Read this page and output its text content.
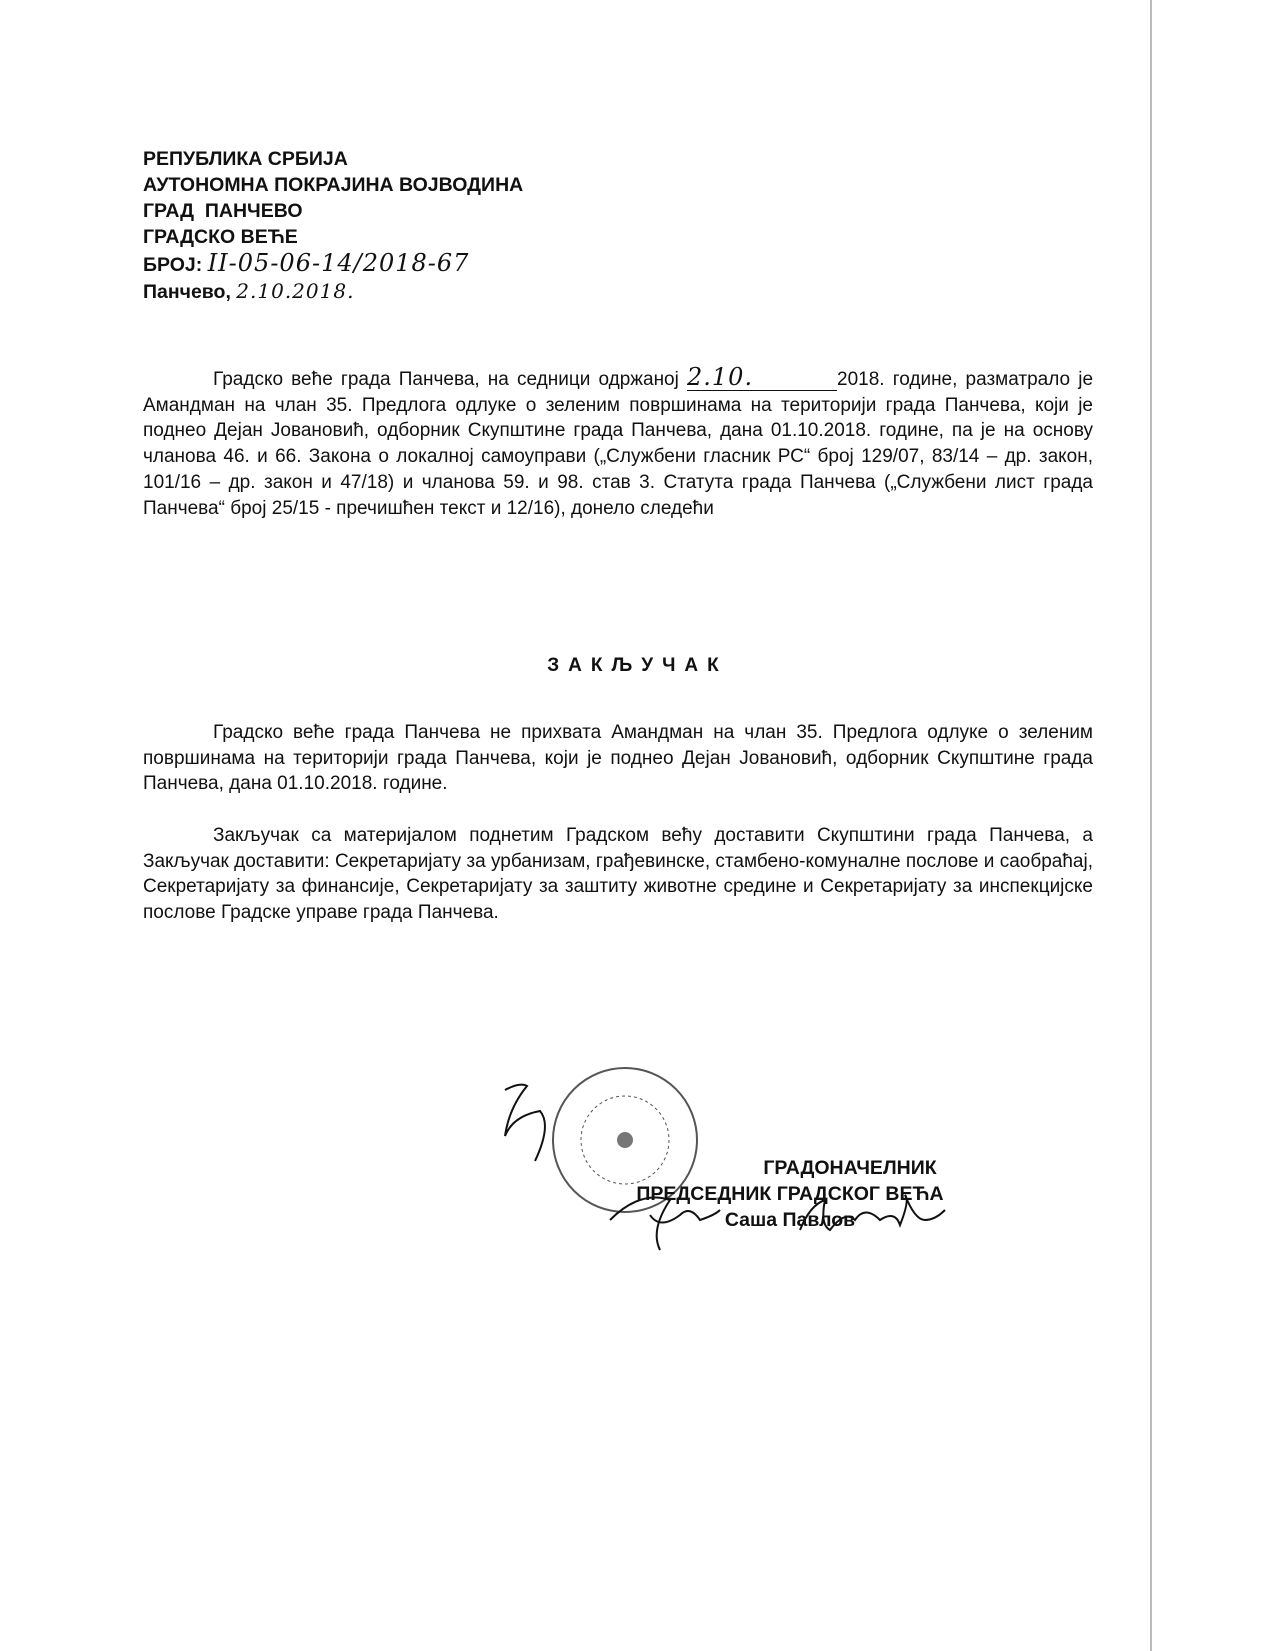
РЕПУБЛИКА СРБИЈА
АУТОНОМНА ПОКРАЈИНА ВОЈВОДИНА
ГРАД  ПАНЧЕВО
ГРАДСКО ВЕЋЕ
БРОЈ: II-05-06-14/2018-67
Панчево, 2.10.2018.
Градско веће града Панчева, на седници одржаној 2.10.	2018. године, разматрало је Амандман на члан 35. Предлога одлуке о зеленим површинама на територији града Панчева, који је поднео Дејан Јовановић, одборник Скупштине града Панчева, дана 01.10.2018. године, па је на основу чланова 46. и 66. Закона о локалној самоуправи („Службени гласник РС“ број 129/07, 83/14 – др. закон, 101/16 – др. закон и 47/18) и чланова 59. и 98. став 3. Статута града Панчева („Службени лист града Панчева“ број 25/15 - пречишћен текст и 12/16), донело следећи
ЗАКЉУЧАК
Градско веће града Панчева не прихвата Амандман на члан 35. Предлога одлуке о зеленим површинама на територији града Панчева, који је поднео Дејан Јовановић, одборник Скупштине града Панчева, дана 01.10.2018. године.
Закључак са материјалом поднетим Градском већу доставити Скупштини града Панчева, а Закључак доставити: Секретаријату за урбанизам, грађевинске, стамбено-комуналне послове и саобраћај, Секретаријату за финансије, Секретаријату за заштиту животне средине и Секретаријату за инспекцијске послове Градске управе града Панчева.
ГРАДОНАЧЕЛНИК
ПРЕДСЕДНИК ГРАДСКОГ ВЕЋА
Саша Павлов
